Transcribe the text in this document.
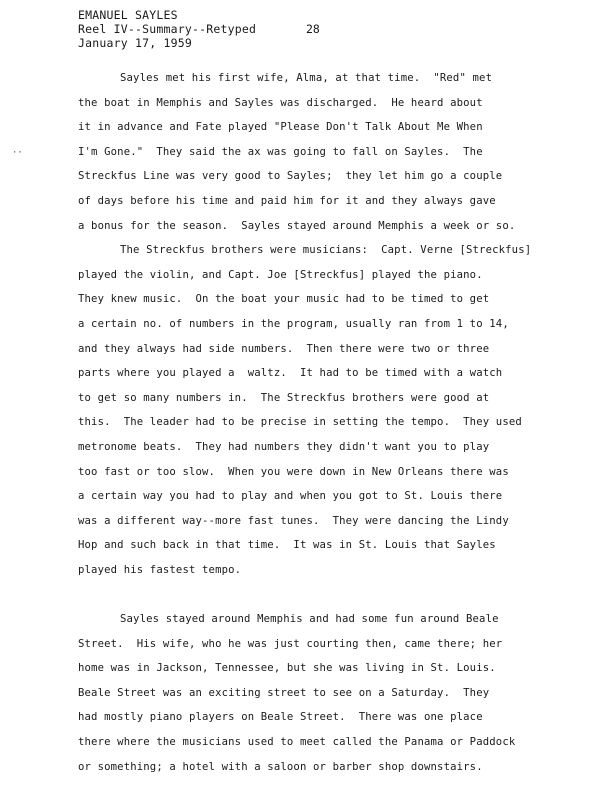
EMANUEL SAYLES
Reel IV--Summary--Retyped
January 17, 1959
28
··
Sayles met his first wife, Alma, at that time.  "Red" met
the boat in Memphis and Sayles was discharged.  He heard about
it in advance and Fate played "Please Don't Talk About Me When
I'm Gone."  They said the ax was going to fall on Sayles.  The
Streckfus Line was very good to Sayles;  they let him go a couple
of days before his time and paid him for it and they always gave
a bonus for the season.  Sayles stayed around Memphis a week or so.
The Streckfus brothers were musicians:  Capt. Verne [Streckfus]
played the violin, and Capt. Joe [Streckfus] played the piano.
They knew music.  On the boat your music had to be timed to get
a certain no. of numbers in the program, usually ran from 1 to 14,
and they always had side numbers.  Then there were two or three
parts where you played a  waltz.  It had to be timed with a watch
to get so many numbers in.  The Streckfus brothers were good at
this.  The leader had to be precise in setting the tempo.  They used
metronome beats.  They had numbers they didn't want you to play
too fast or too slow.  When you were down in New Orleans there was
a certain way you had to play and when you got to St. Louis there
was a different way--more fast tunes.  They were dancing the Lindy
Hop and such back in that time.  It was in St. Louis that Sayles
played his fastest tempo.
Sayles stayed around Memphis and had some fun around Beale
Street.  His wife, who he was just courting then, came there; her
home was in Jackson, Tennessee, but she was living in St. Louis.
Beale Street was an exciting street to see on a Saturday.  They
had mostly piano players on Beale Street.  There was one place
there where the musicians used to meet called the Panama or Paddock
or something; a hotel with a saloon or barber shop downstairs.
